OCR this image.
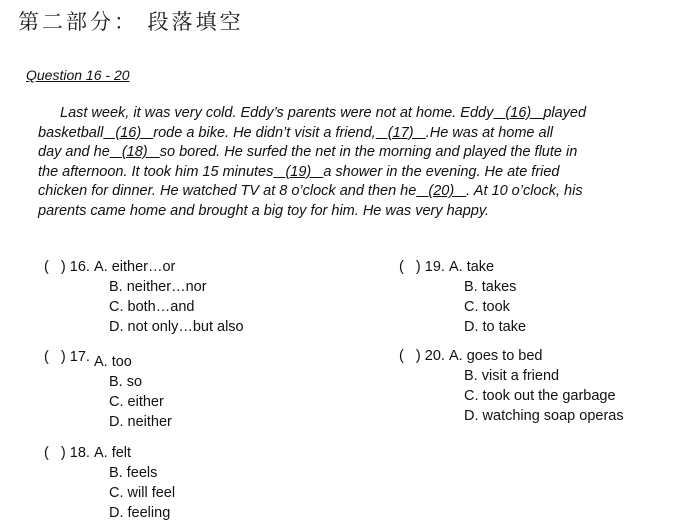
第二部分： 段落填空
Question 16 - 20
Last week, it was very cold. Eddy’s parents were not at home. Eddy   (16)   played
basketball   (16)   rode a bike. He didn’t visit a friend,   (17)   .He was at home all
day and he   (18)   so bored. He surfed the net in the morning and played the flute in
the afternoon. It took him 15 minutes   (19)   a shower in the evening. He ate fried
chicken for dinner. He watched TV at 8 o’clock and then he   (20)   . At 10 o’clock, his
parents came home and brought a big toy for him. He was very happy.
(   ) 16. A. either…or
B. neither…nor
C. both…and
D. not only…but also
(   ) 17. A. too
B. so
C. either
D. neither
(   ) 18. A. felt
B. feels
C. will feel
D. feeling
(   ) 19. A. take
B. takes
C. took
D. to take
(   ) 20. A. goes to bed
B. visit a friend
C. took out the garbage
D. watching soap operas
